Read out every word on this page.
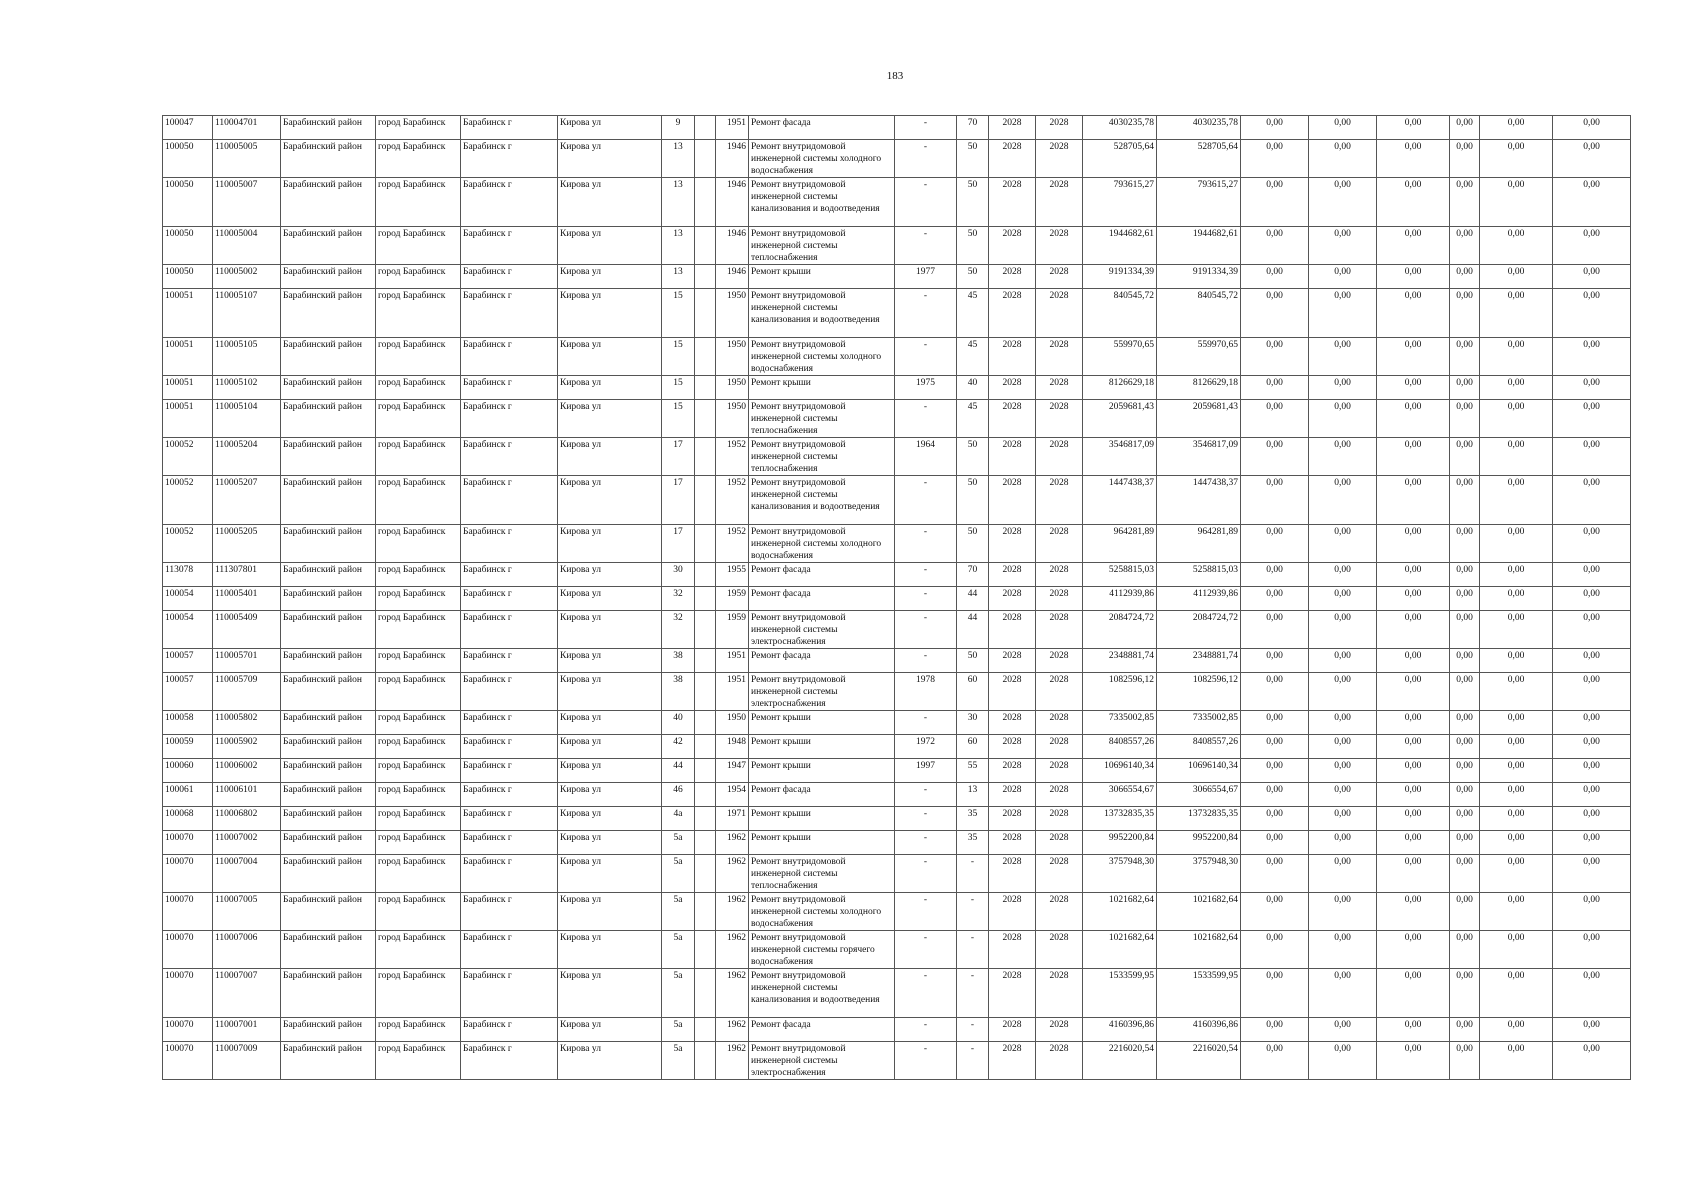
183
100047	110004701	Барабинский район	город Барабинск	Барабинск г	Кирова ул	9		1951	Ремонт фасада	-	70	2028	2028	4030235,78	4030235,78	0,00	0,00	0,00	0,00	0,00	0,00
100050	110005005	Барабинский район	город Барабинск	Барабинск г	Кирова ул	13		1946	Ремонт внутридомовой инженерной системы холодного водоснабжения	-	50	2028	2028	528705,64	528705,64	0,00	0,00	0,00	0,00	0,00	0,00
100050	110005007	Барабинский район	город Барабинск	Барабинск г	Кирова ул	13		1946	Ремонт внутридомовой инженерной системы канализования и водоотведения	-	50	2028	2028	793615,27	793615,27	0,00	0,00	0,00	0,00	0,00	0,00
100050	110005004	Барабинский район	город Барабинск	Барабинск г	Кирова ул	13		1946	Ремонт внутридомовой инженерной системы теплоснабжения	-	50	2028	2028	1944682,61	1944682,61	0,00	0,00	0,00	0,00	0,00	0,00
100050	110005002	Барабинский район	город Барабинск	Барабинск г	Кирова ул	13		1946	Ремонт крыши	1977	50	2028	2028	9191334,39	9191334,39	0,00	0,00	0,00	0,00	0,00	0,00
100051	110005107	Барабинский район	город Барабинск	Барабинск г	Кирова ул	15		1950	Ремонт внутридомовой инженерной системы канализования и водоотведения	-	45	2028	2028	840545,72	840545,72	0,00	0,00	0,00	0,00	0,00	0,00
100051	110005105	Барабинский район	город Барабинск	Барабинск г	Кирова ул	15		1950	Ремонт внутридомовой инженерной системы холодного водоснабжения	-	45	2028	2028	559970,65	559970,65	0,00	0,00	0,00	0,00	0,00	0,00
100051	110005102	Барабинский район	город Барабинск	Барабинск г	Кирова ул	15		1950	Ремонт крыши	1975	40	2028	2028	8126629,18	8126629,18	0,00	0,00	0,00	0,00	0,00	0,00
100051	110005104	Барабинский район	город Барабинск	Барабинск г	Кирова ул	15		1950	Ремонт внутридомовой инженерной системы теплоснабжения	-	45	2028	2028	2059681,43	2059681,43	0,00	0,00	0,00	0,00	0,00	0,00
100052	110005204	Барабинский район	город Барабинск	Барабинск г	Кирова ул	17		1952	Ремонт внутридомовой инженерной системы теплоснабжения	1964	50	2028	2028	3546817,09	3546817,09	0,00	0,00	0,00	0,00	0,00	0,00
100052	110005207	Барабинский район	город Барабинск	Барабинск г	Кирова ул	17		1952	Ремонт внутридомовой инженерной системы канализования и водоотведения	-	50	2028	2028	1447438,37	1447438,37	0,00	0,00	0,00	0,00	0,00	0,00
100052	110005205	Барабинский район	город Барабинск	Барабинск г	Кирова ул	17		1952	Ремонт внутридомовой инженерной системы холодного водоснабжения	-	50	2028	2028	964281,89	964281,89	0,00	0,00	0,00	0,00	0,00	0,00
113078	111307801	Барабинский район	город Барабинск	Барабинск г	Кирова ул	30		1955	Ремонт фасада	-	70	2028	2028	5258815,03	5258815,03	0,00	0,00	0,00	0,00	0,00	0,00
100054	110005401	Барабинский район	город Барабинск	Барабинск г	Кирова ул	32		1959	Ремонт фасада	-	44	2028	2028	4112939,86	4112939,86	0,00	0,00	0,00	0,00	0,00	0,00
100054	110005409	Барабинский район	город Барабинск	Барабинск г	Кирова ул	32		1959	Ремонт внутридомовой инженерной системы электроснабжения	-	44	2028	2028	2084724,72	2084724,72	0,00	0,00	0,00	0,00	0,00	0,00
100057	110005701	Барабинский район	город Барабинск	Барабинск г	Кирова ул	38		1951	Ремонт фасада	-	50	2028	2028	2348881,74	2348881,74	0,00	0,00	0,00	0,00	0,00	0,00
100057	110005709	Барабинский район	город Барабинск	Барабинск г	Кирова ул	38		1951	Ремонт внутридомовой инженерной системы электроснабжения	1978	60	2028	2028	1082596,12	1082596,12	0,00	0,00	0,00	0,00	0,00	0,00
100058	110005802	Барабинский район	город Барабинск	Барабинск г	Кирова ул	40		1950	Ремонт крыши	-	30	2028	2028	7335002,85	7335002,85	0,00	0,00	0,00	0,00	0,00	0,00
100059	110005902	Барабинский район	город Барабинск	Барабинск г	Кирова ул	42		1948	Ремонт крыши	1972	60	2028	2028	8408557,26	8408557,26	0,00	0,00	0,00	0,00	0,00	0,00
100060	110006002	Барабинский район	город Барабинск	Барабинск г	Кирова ул	44		1947	Ремонт крыши	1997	55	2028	2028	10696140,34	10696140,34	0,00	0,00	0,00	0,00	0,00	0,00
100061	110006101	Барабинский район	город Барабинск	Барабинск г	Кирова ул	46		1954	Ремонт фасада	-	13	2028	2028	3066554,67	3066554,67	0,00	0,00	0,00	0,00	0,00	0,00
100068	110006802	Барабинский район	город Барабинск	Барабинск г	Кирова ул	4а		1971	Ремонт крыши	-	35	2028	2028	13732835,35	13732835,35	0,00	0,00	0,00	0,00	0,00	0,00
100070	110007002	Барабинский район	город Барабинск	Барабинск г	Кирова ул	5а		1962	Ремонт крыши	-	35	2028	2028	9952200,84	9952200,84	0,00	0,00	0,00	0,00	0,00	0,00
100070	110007004	Барабинский район	город Барабинск	Барабинск г	Кирова ул	5а		1962	Ремонт внутридомовой инженерной системы теплоснабжения	-	-	2028	2028	3757948,30	3757948,30	0,00	0,00	0,00	0,00	0,00	0,00
100070	110007005	Барабинский район	город Барабинск	Барабинск г	Кирова ул	5а		1962	Ремонт внутридомовой инженерной системы холодного водоснабжения	-	-	2028	2028	1021682,64	1021682,64	0,00	0,00	0,00	0,00	0,00	0,00
100070	110007006	Барабинский район	город Барабинск	Барабинск г	Кирова ул	5а		1962	Ремонт внутридомовой инженерной системы горячего водоснабжения	-	-	2028	2028	1021682,64	1021682,64	0,00	0,00	0,00	0,00	0,00	0,00
100070	110007007	Барабинский район	город Барабинск	Барабинск г	Кирова ул	5а		1962	Ремонт внутридомовой инженерной системы канализования и водоотведения	-	-	2028	2028	1533599,95	1533599,95	0,00	0,00	0,00	0,00	0,00	0,00
100070	110007001	Барабинский район	город Барабинск	Барабинск г	Кирова ул	5а		1962	Ремонт фасада	-	-	2028	2028	4160396,86	4160396,86	0,00	0,00	0,00	0,00	0,00	0,00
100070	110007009	Барабинский район	город Барабинск	Барабинск г	Кирова ул	5а		1962	Ремонт внутридомовой инженерной системы электроснабжения	-	-	2028	2028	2216020,54	2216020,54	0,00	0,00	0,00	0,00	0,00	0,00
